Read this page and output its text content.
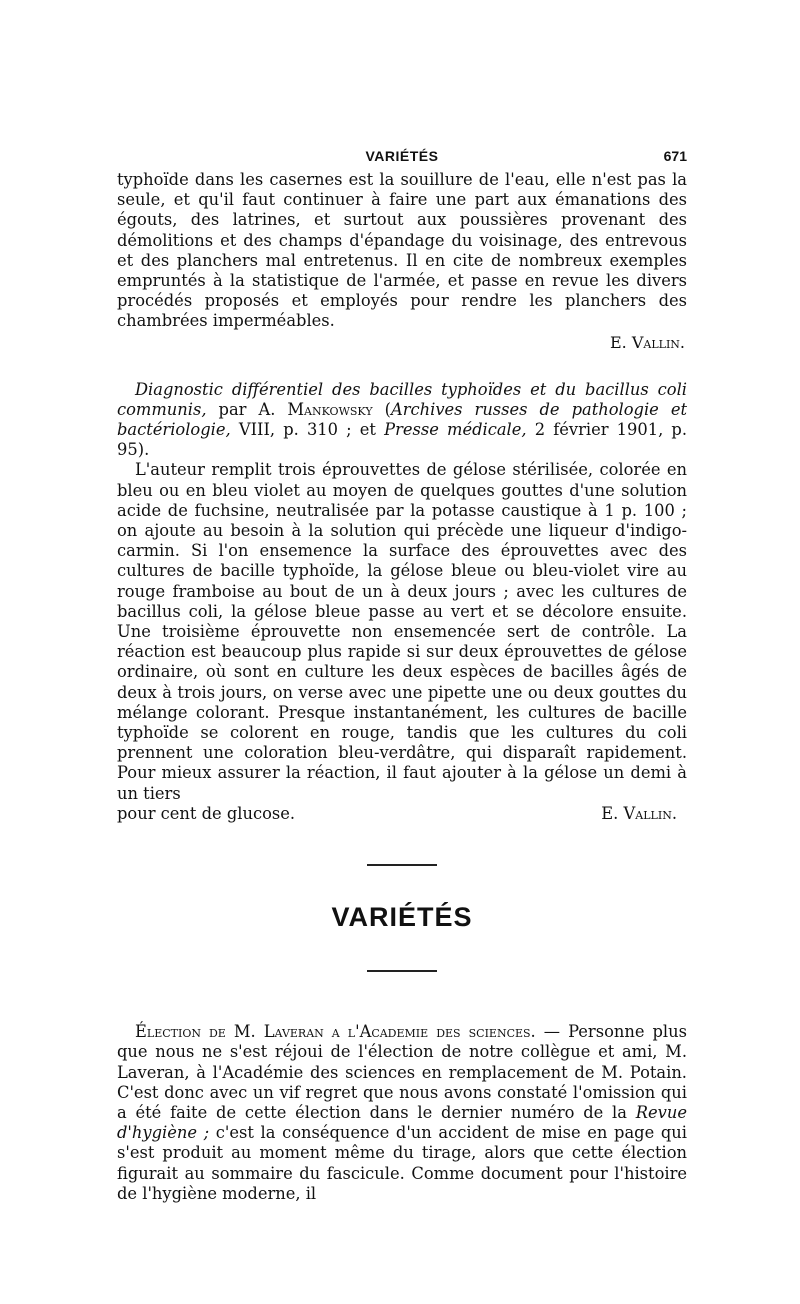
VARIÉTÉS	671

typhoïde dans les casernes est la souillure de l'eau, elle n'est pas la seule, et qu'il faut continuer à faire une part aux émanations des égouts, des latrines, et surtout aux poussières provenant des démolitions et des champs d'épandage du voisinage, des entrevous et des planchers mal entretenus. Il en cite de nombreux exemples empruntés à la statistique de l'armée, et passe en revue les divers procédés proposés et employés pour rendre les planchers des chambrées imperméables.

E. Vallin.

Diagnostic différentiel des bacilles typhoïdes et du bacillus coli communis, par A. Mankowsky (Archives russes de pathologie et bactériologie, VIII, p. 310 ; et Presse médicale, 2 février 1901, p. 95).

L'auteur remplit trois éprouvettes de gélose stérilisée, colorée en bleu ou en bleu violet au moyen de quelques gouttes d'une solution acide de fuchsine, neutralisée par la potasse caustique à 1 p. 100 ; on ajoute au besoin à la solution qui précède une liqueur d'indigo-carmin. Si l'on ensemence la surface des éprouvettes avec des cultures de bacille typhoïde, la gélose bleue ou bleu-violet vire au rouge framboise au bout de un à deux jours ; avec les cultures de bacillus coli, la gélose bleue passe au vert et se décolore ensuite. Une troisième éprouvette non ensemencée sert de contrôle. La réaction est beaucoup plus rapide si sur deux éprouvettes de gélose ordinaire, où sont en culture les deux espèces de bacilles âgés de deux à trois jours, on verse avec une pipette une ou deux gouttes du mélange colorant. Presque instantanément, les cultures de bacille typhoïde se colorent en rouge, tandis que les cultures du coli prennent une coloration bleu-verdâtre, qui disparaît rapidement. Pour mieux assurer la réaction, il faut ajouter à la gélose un demi à un tiers

pour cent de glucose.	E. Vallin.
VARIÉTÉS

Élection de M. Laveran a l'Academie des sciences. — Personne plus que nous ne s'est réjoui de l'élection de notre collègue et ami, M. Laveran, à l'Académie des sciences en remplacement de M. Potain. C'est donc avec un vif regret que nous avons constaté l'omission qui a été faite de cette élection dans le dernier numéro de la Revue d'hygiène ; c'est la conséquence d'un accident de mise en page qui s'est produit au moment même du tirage, alors que cette élection figurait au sommaire du fascicule. Comme document pour l'histoire de l'hygiène moderne, il
